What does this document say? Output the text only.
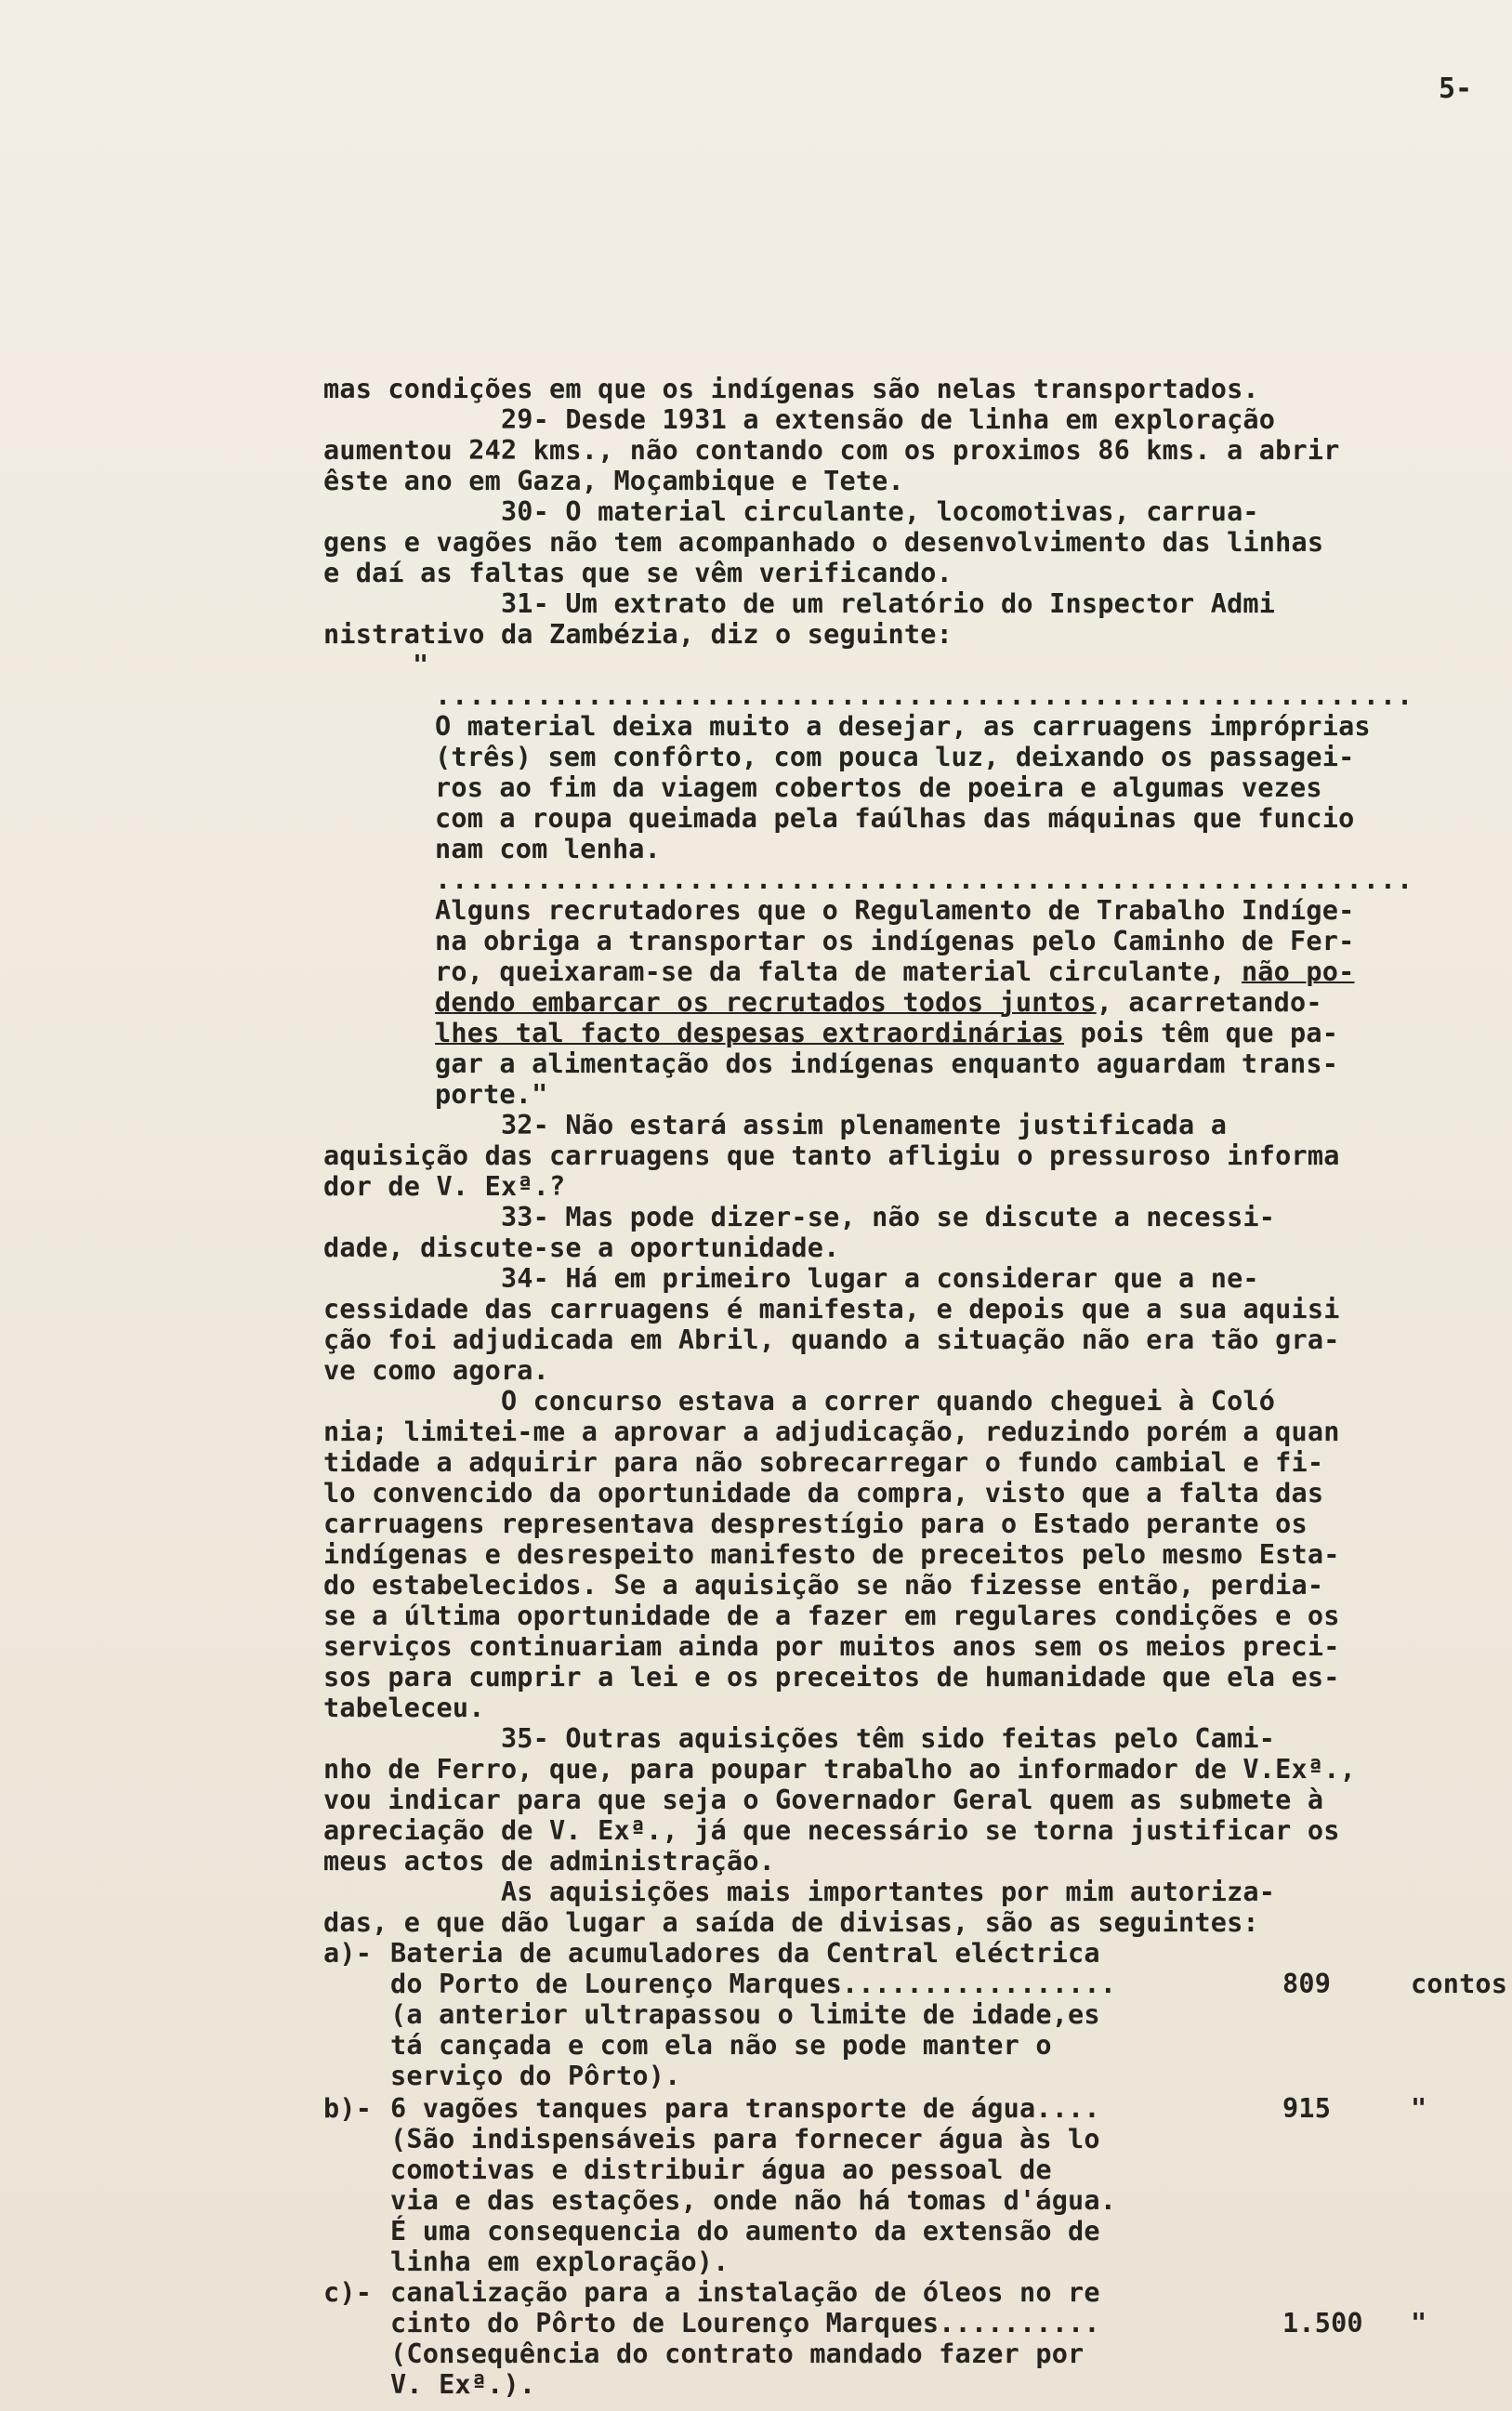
5-
mas condições em que os indígenas são nelas transportados.
29- Desde 1931 a extensão de linha em exploração
aumentou 242 kms., não contando com os proximos 86 kms. a abrir
êste ano em Gaza, Moçambique e Tete.
30- O material circulante, locomotivas, carrua-
gens e vagões não tem acompanhado o desenvolvimento das linhas
e daí as faltas que se vêm verificando.
31- Um extrato de um relatório do Inspector Admi
nistrativo da Zambézia, diz o seguinte:
"
..........................................................
O material deixa muito a desejar, as carruagens impróprias
(três) sem confôrto, com pouca luz, deixando os passagei-
ros ao fim da viagem cobertos de poeira e algumas vezes
com a roupa queimada pela faúlhas das máquinas que funcio
nam com lenha.
..........................................................
Alguns recrutadores que o Regulamento de Trabalho Indíge-
na obriga a transportar os indígenas pelo Caminho de Fer-
ro, queixaram-se da falta de material circulante, não po-
dendo embarcar os recrutados todos juntos, acarretando-
lhes tal facto despesas extraordinárias pois têm que pa-
gar a alimentação dos indígenas enquanto aguardam trans-
porte."
32- Não estará assim plenamente justificada a
aquisição das carruagens que tanto afligiu o pressuroso informa
dor de V. Exª.?
33- Mas pode dizer-se, não se discute a necessi-
dade, discute-se a oportunidade.
34- Há em primeiro lugar a considerar que a ne-
cessidade das carruagens é manifesta, e depois que a sua aquisi
ção foi adjudicada em Abril, quando a situação não era tão gra-
ve como agora.
O concurso estava a correr quando cheguei à Coló
nia; limitei-me a aprovar a adjudicação, reduzindo porém a quan
tidade a adquirir para não sobrecarregar o fundo cambial e fi-
lo convencido da oportunidade da compra, visto que a falta das
carruagens representava desprestígio para o Estado perante os
indígenas e desrespeito manifesto de preceitos pelo mesmo Esta-
do estabelecidos. Se a aquisição se não fizesse então, perdia-
se a última oportunidade de a fazer em regulares condições e os
serviços continuariam ainda por muitos anos sem os meios preci-
sos para cumprir a lei e os preceitos de humanidade que ela es-
tabeleceu.
35- Outras aquisições têm sido feitas pelo Cami-
nho de Ferro, que, para poupar trabalho ao informador de V.Exª.,
vou indicar para que seja o Governador Geral quem as submete à
apreciação de V. Exª., já que necessário se torna justificar os
meus actos de administração.
As aquisições mais importantes por mim autoriza-
das, e que dão lugar a saída de divisas, são as seguintes:
a)- Bateria de acumuladores da Central eléctrica
do Porto de Lourenço Marques.................	809	contos
(a anterior ultrapassou o limite de idade,es
tá cançada e com ela não se pode manter o
serviço do Pôrto).
b)- 6 vagões tanques para transporte de água....	915	"
(São indispensáveis para fornecer água às lo
comotivas e distribuir água ao pessoal de
via e das estações, onde não há tomas d'água.
É uma consequencia do aumento da extensão de
linha em exploração).
c)- canalização para a instalação de óleos no re
cinto do Pôrto de Lourenço Marques..........	1.500	"
(Consequência do contrato mandado fazer por
V. Exª.).
